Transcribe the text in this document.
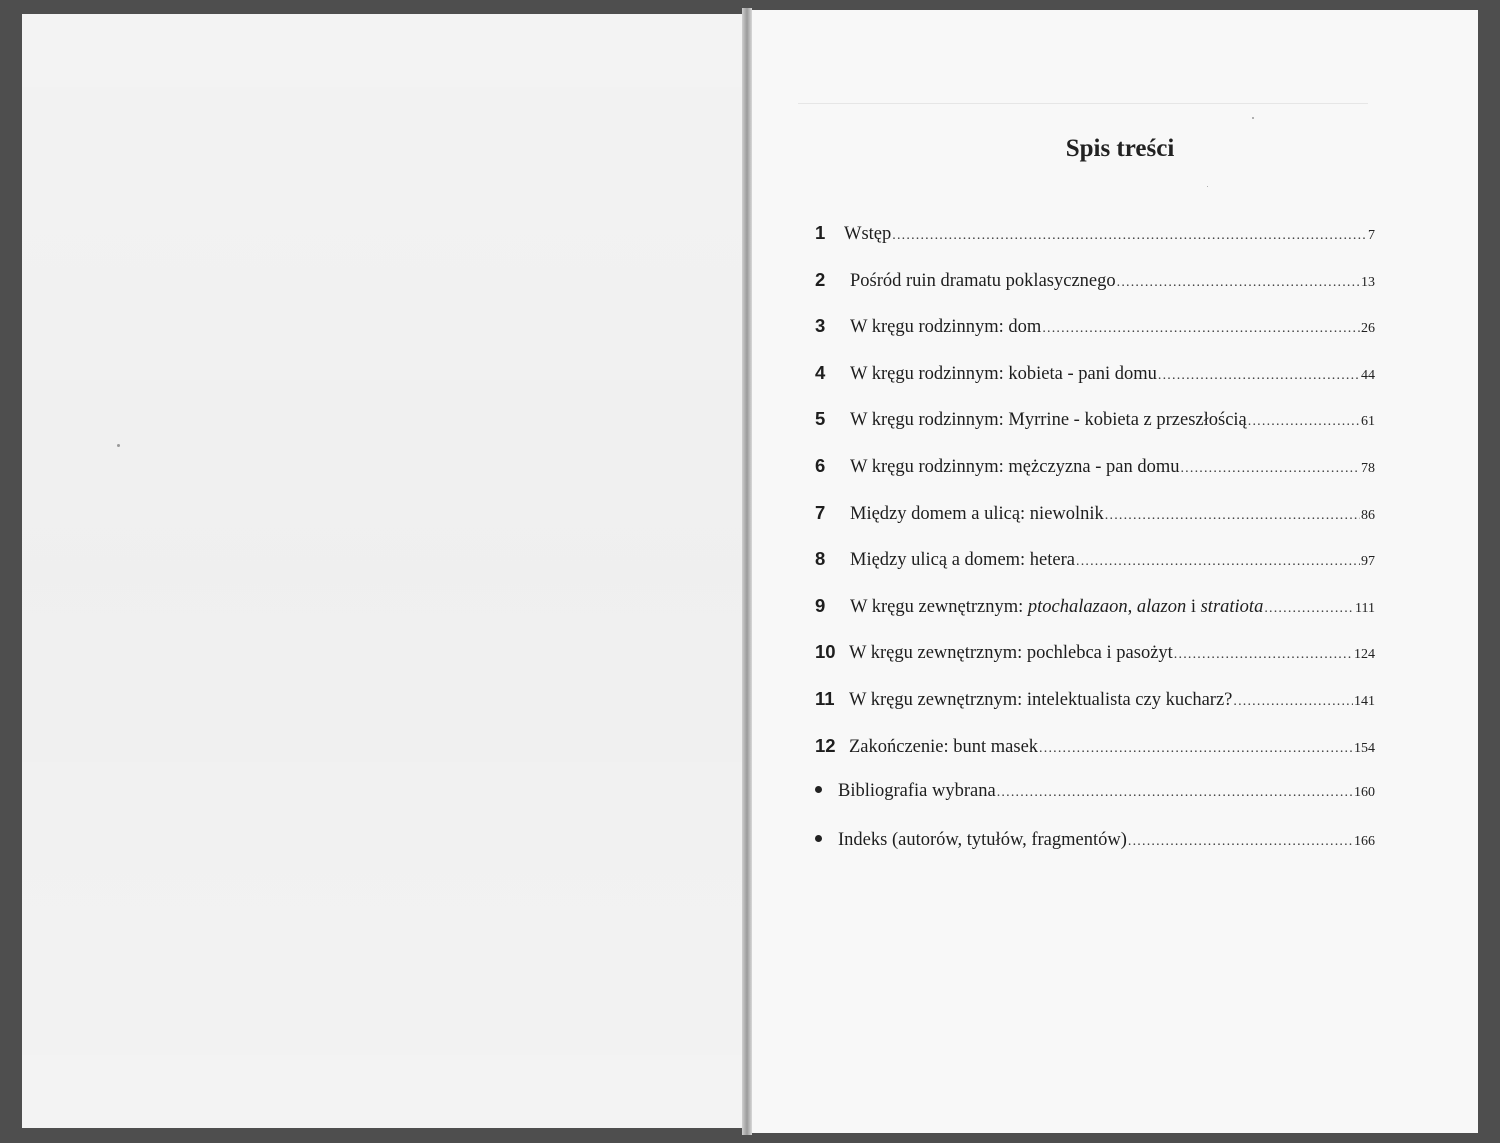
Spis treści
1	Wstęp .....	7
2	Pośród ruin dramatu poklasycznego .....	13
3	W kręgu rodzinnym: dom .....	26
4	W kręgu rodzinnym: kobieta - pani domu .....	44
5	W kręgu rodzinnym: Myrrine - kobieta z przeszłością .....	61
6	W kręgu rodzinnym: mężczyzna - pan domu .....	78
7	Między domem a ulicą: niewolnik .....	86
8	Między ulicą a domem: hetera .....	97
9	W kręgu zewnętrznym: ptochalazaon, alazon i stratiota .....	111
10 W kręgu zewnętrznym: pochlebca i pasożyt .....	124
11 W kręgu zewnętrznym: intelektualista czy kucharz? .....	141
12 Zakończenie: bunt masek .....	154
Bibliografia wybrana .....	160
Indeks (autorów, tytułów, fragmentów) .....	166
